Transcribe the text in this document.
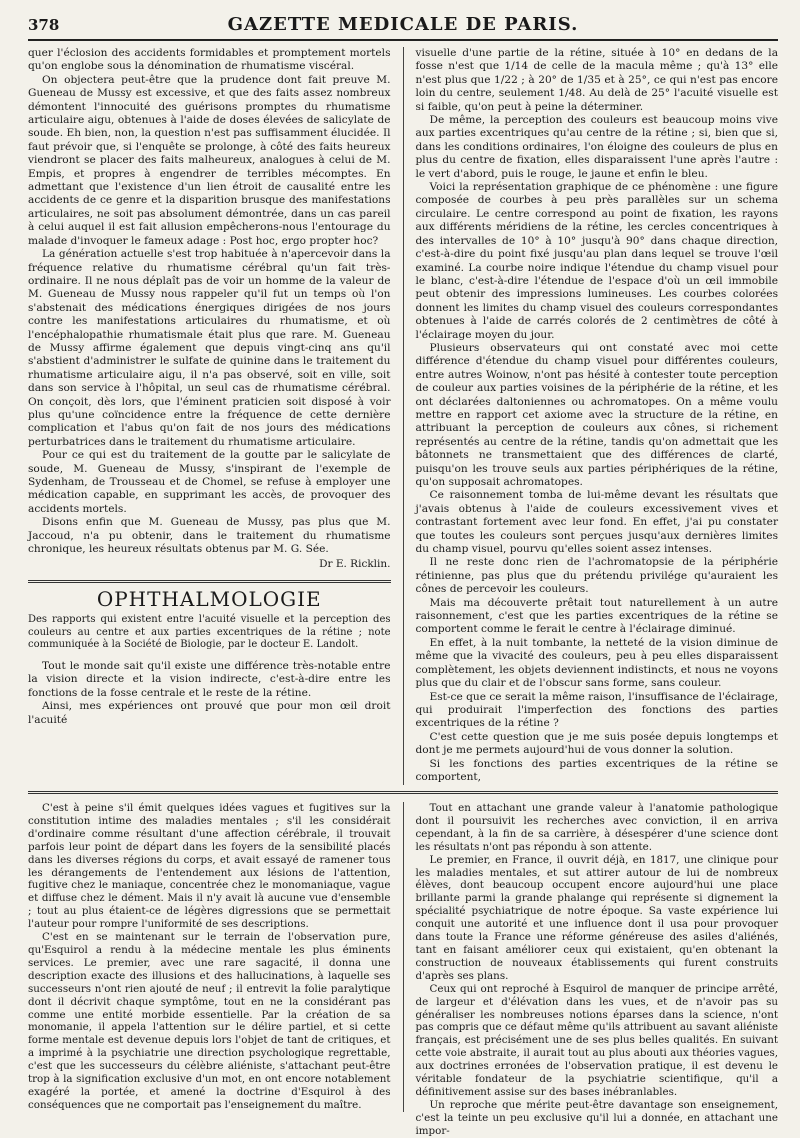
378	GAZETTE MEDICALE DE PARIS.

quer l'éclosion des accidents formidables et promptement mortels qu'on englobe sous la dénomination de rhumatisme viscéral.

On objectera peut-être que la prudence dont fait preuve M. Gueneau de Mussy est excessive, et que des faits assez nombreux démontent l'innocuité des guérisons promptes du rhumatisme articulaire aigu, obtenues à l'aide de doses élevées de salicylate de soude. Eh bien, non, la question n'est pas suffisamment élucidée. Il faut prévoir que, si l'enquête se prolonge, à côté des faits heureux viendront se placer des faits malheureux, analogues à celui de M. Empis, et propres à engendrer de terribles mécomptes. En admettant que l'existence d'un lien étroit de causalité entre les accidents de ce genre et la disparition brusque des manifestations articulaires, ne soit pas absolument démontrée, dans un cas pareil à celui auquel il est fait allusion empêcherons-nous l'entourage du malade d'invoquer le fameux adage : Post hoc, ergo propter hoc?

La génération actuelle s'est trop habituée à n'apercevoir dans la fréquence relative du rhumatisme cérébral qu'un fait très-ordinaire. Il ne nous déplaît pas de voir un homme de la valeur de M. Gueneau de Mussy nous rappeler qu'il fut un temps où l'on s'abstenait des médications énergiques dirigées de nos jours contre les manifestations articulaires du rhumatisme, et où l'encéphalopathie rhumatismale était plus que rare. M. Gueneau de Mussy affirme également que depuis vingt-cinq ans qu'il s'abstient d'administrer le sulfate de quinine dans le traitement du rhumatisme articulaire aigu, il n'a pas observé, soit en ville, soit dans son service à l'hôpital, un seul cas de rhumatisme cérébral. On conçoit, dès lors, que l'éminent praticien soit disposé à voir plus qu'une coïncidence entre la fréquence de cette dernière complication et l'abus qu'on fait de nos jours des médications perturbatrices dans le traitement du rhumatisme articulaire.

Pour ce qui est du traitement de la goutte par le salicylate de soude, M. Gueneau de Mussy, s'inspirant de l'exemple de Sydenham, de Trousseau et de Chomel, se refuse à employer une médication capable, en supprimant les accès, de provoquer des accidents mortels.

Disons enfin que M. Gueneau de Mussy, pas plus que M. Jaccoud, n'a pu obtenir, dans le traitement du rhumatisme chronique, les heureux résultats obtenus par M. G. Sée.

Dr E. Ricklin.

OPHTHALMOLOGIE

Des rapports qui existent entre l'acuité visuelle et la perception des couleurs au centre et aux parties excentriques de la rétine ; note communiquée à la Société de Biologie, par le docteur E. Landolt.

Tout le monde sait qu'il existe une différence très-notable entre la vision directe et la vision indirecte, c'est-à-dire entre les fonctions de la fosse centrale et le reste de la rétine.

Ainsi, mes expériences ont prouvé que pour mon œil droit l'acuité

visuelle d'une partie de la rétine, située à 10° en dedans de la fosse n'est que 1/14 de celle de la macula même ; qu'à 13° elle n'est plus que 1/22 ; à 20° de 1/35 et à 25°, ce qui n'est pas encore loin du centre, seulement 1/48. Au delà de 25° l'acuité visuelle est si faible, qu'on peut à peine la déterminer.

De même, la perception des couleurs est beaucoup moins vive aux parties excentriques qu'au centre de la rétine ; si, bien que si, dans les conditions ordinaires, l'on éloigne des couleurs de plus en plus du centre de fixation, elles disparaissent l'une après l'autre : le vert d'abord, puis le rouge, le jaune et enfin le bleu.

Voici la représentation graphique de ce phénomène : une figure composée de courbes à peu près parallèles sur un schema circulaire. Le centre correspond au point de fixation, les rayons aux différents méridiens de la rétine, les cercles concentriques à des intervalles de 10° à 10° jusqu'à 90° dans chaque direction, c'est-à-dire du point fixé jusqu'au plan dans lequel se trouve l'œil examiné. La courbe noire indique l'étendue du champ visuel pour le blanc, c'est-à-dire l'étendue de l'espace d'où un œil immobile peut obtenir des impressions lumineuses. Les courbes colorées donnent les limites du champ visuel des couleurs correspondantes obtenues à l'aide de carrés colorés de 2 centimètres de côté à l'éclairage moyen du jour.

Plusieurs observateurs qui ont constaté avec moi cette différence d'étendue du champ visuel pour différentes couleurs, entre autres Woinow, n'ont pas hésité à contester toute perception de couleur aux parties voisines de la périphérie de la rétine, et les ont déclarées daltoniennes ou achromatopes. On a même voulu mettre en rapport cet axiome avec la structure de la rétine, en attribuant la perception de couleurs aux cônes, si richement représentés au centre de la rétine, tandis qu'on admettait que les bâtonnets ne transmettaient que des différences de clarté, puisqu'on les trouve seuls aux parties périphériques de la rétine, qu'on supposait achromatopes.

Ce raisonnement tomba de lui-même devant les résultats que j'avais obtenus à l'aide de couleurs excessivement vives et contrastant fortement avec leur fond. En effet, j'ai pu constater que toutes les couleurs sont perçues jusqu'aux dernières limites du champ visuel, pourvu qu'elles soient assez intenses.

Il ne reste donc rien de l'achromatopsie de la périphérie rétinienne, pas plus que du prétendu privilége qu'auraient les cônes de percevoir les couleurs.

Mais ma découverte prêtait tout naturellement à un autre raisonnement, c'est que les parties excentriques de la rétine se comportent comme le ferait le centre à l'éclairage diminué.

En effet, à la nuit tombante, la netteté de la vision diminue de même que la vivacité des couleurs, peu à peu elles disparaissent complètement, les objets deviennent indistincts, et nous ne voyons plus que du clair et de l'obscur sans forme, sans couleur.

Est-ce que ce serait la même raison, l'insuffisance de l'éclairage, qui produirait l'imperfection des fonctions des parties excentriques de la rétine ?

C'est cette question que je me suis posée depuis longtemps et dont je me permets aujourd'hui de vous donner la solution.

Si les fonctions des parties excentriques de la rétine se comportent,

C'est à peine s'il émit quelques idées vagues et fugitives sur la constitution intime des maladies mentales ; s'il les considérait d'ordinaire comme résultant d'une affection cérébrale, il trouvait parfois leur point de départ dans les foyers de la sensibilité placés dans les diverses régions du corps, et avait essayé de ramener tous les dérangements de l'entendement aux lésions de l'attention, fugitive chez le maniaque, concentrée chez le monomaniaque, vague et diffuse chez le dément. Mais il n'y avait là aucune vue d'ensemble ; tout au plus étaient-ce de légères digressions que se permettait l'auteur pour rompre l'uniformité de ses descriptions.

C'est en se maintenant sur le terrain de l'observation pure, qu'Esquirol a rendu à la médecine mentale les plus éminents services. Le premier, avec une rare sagacité, il donna une description exacte des illusions et des hallucinations, à laquelle ses successeurs n'ont rien ajouté de neuf ; il entrevit la folie paralytique dont il décrivit chaque symptôme, tout en ne la considérant pas comme une entité morbide essentielle. Par la création de sa monomanie, il appela l'attention sur le délire partiel, et si cette forme mentale est devenue depuis lors l'objet de tant de critiques, et a imprimé à la psychiatrie une direction psychologique regrettable, c'est que les successeurs du célèbre aliéniste, s'attachant peut-être trop à la signification exclusive d'un mot, en ont encore notablement exagéré la portée, et amené la doctrine d'Esquirol à des conséquences que ne comportait pas l'enseignement du maître.

Tout en attachant une grande valeur à l'anatomie pathologique dont il poursuivit les recherches avec conviction, il en arriva cependant, à la fin de sa carrière, à désespérer d'une science dont les résultats n'ont pas répondu à son attente.

Le premier, en France, il ouvrit déjà, en 1817, une clinique pour les maladies mentales, et sut attirer autour de lui de nombreux élèves, dont beaucoup occupent encore aujourd'hui une place brillante parmi la grande phalange qui représente si dignement la spécialité psychiatrique de notre époque. Sa vaste expérience lui conquit une autorité et une influence dont il usa pour provoquer dans toute la France une réforme généreuse des asiles d'aliénés, tant en faisant améliorer ceux qui existaient, qu'en obtenant la construction de nouveaux établissements qui furent construits d'après ses plans.

Ceux qui ont reproché à Esquirol de manquer de principe arrêté, de largeur et d'élévation dans les vues, et de n'avoir pas su généraliser les nombreuses notions éparses dans la science, n'ont pas compris que ce défaut même qu'ils attribuent au savant aliéniste français, est précisément une de ses plus belles qualités. En suivant cette voie abstraite, il aurait tout au plus abouti aux théories vagues, aux doctrines erronées de l'observation pratique, il est devenu le véritable fondateur de la psychiatrie scientifique, qu'il a définitivement assise sur des bases inébranlables.

Un reproche que mérite peut-être davantage son enseignement, c'est la teinte un peu exclusive qu'il lui a donnée, en attachant une impor-
